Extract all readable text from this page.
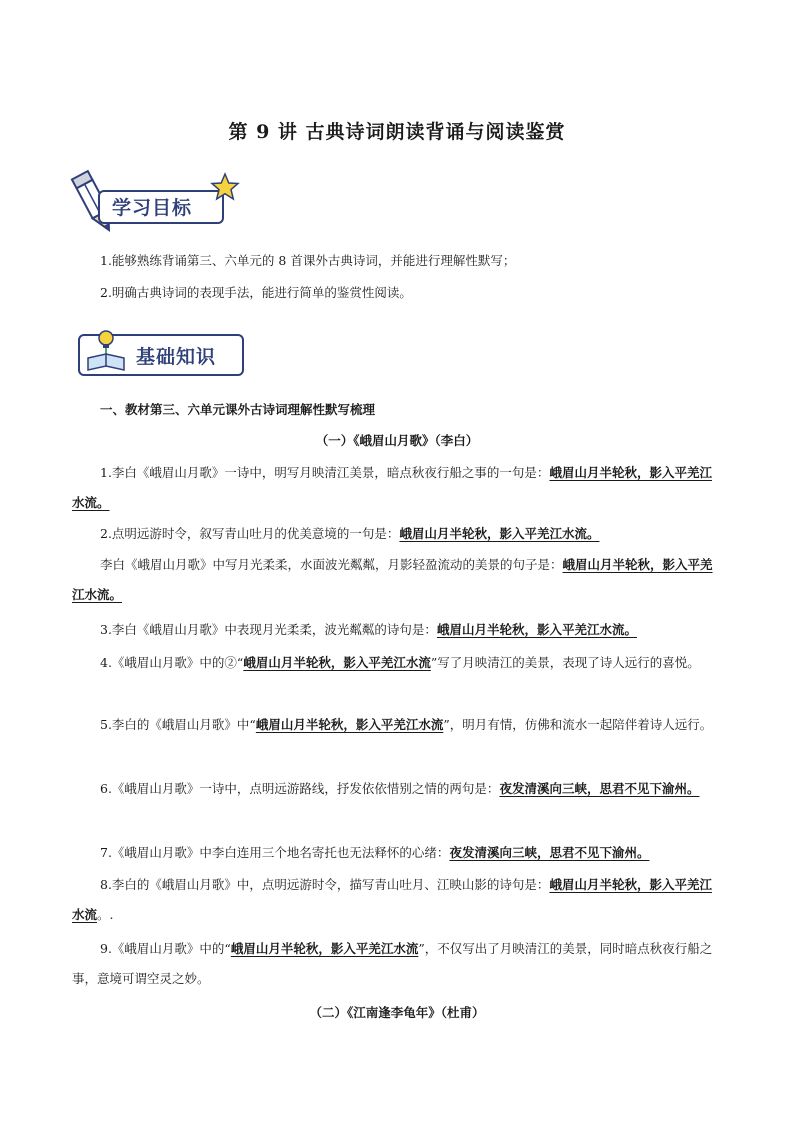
第 9 讲 古典诗词朗读背诵与阅读鉴赏
学习目标
1.能够熟练背诵第三、六单元的 8 首课外古典诗词，并能进行理解性默写；
2.明确古典诗词的表现手法，能进行简单的鉴赏性阅读。
基础知识
一、教材第三、六单元课外古诗词理解性默写梳理
（一）《峨眉山月歌》（李白）
1.李白《峨眉山月歌》一诗中，明写月映清江美景，暗点秋夜行船之事的一句是：峨眉山月半轮秋，影入平羌江水流。
2.点明远游时令，叙写青山吐月的优美意境的一句是：峨眉山月半轮秋，影入平羌江水流。
李白《峨眉山月歌》中写月光柔柔，水面波光粼粼，月影轻盈流动的美景的句子是：峨眉山月半轮秋，影入平羌江水流。
3.李白《峨眉山月歌》中表现月光柔柔，波光粼粼的诗句是：峨眉山月半轮秋，影入平羌江水流。
4.《峨眉山月歌》中的②“峨眉山月半轮秋，影入平羌江水流”写了月映清江的美景，表现了诗人远行的喜悦。
5.李白的《峨眉山月歌》中“峨眉山月半轮秋，影入平羌江水流”，明月有情，仿佛和流水一起陪伴着诗人远行。
6.《峨眉山月歌》一诗中，点明远游路线，抒发依依惜别之情的两句是：夜发清溪向三峡，思君不见下渝州。
7.《峨眉山月歌》中李白连用三个地名寄托也无法释怀的心绪：夜发清溪向三峡，思君不见下渝州。
8.李白的《峨眉山月歌》中，点明远游时令，描写青山吐月、江映山影的诗句是：峨眉山月半轮秋，影入平羌江水流。.
9.《峨眉山月歌》中的“峨眉山月半轮秋，影入平羌江水流”，不仅写出了月映清江的美景，同时暗点秋夜行船之事，意境可谓空灵之妙。
（二）《江南逢李龟年》（杜甫）
